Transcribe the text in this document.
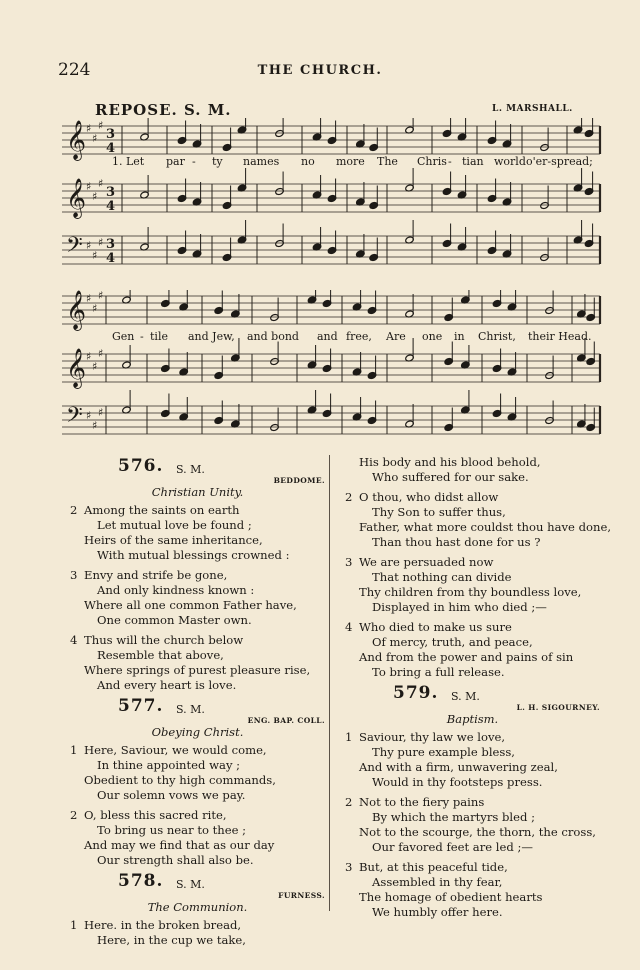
224	THE CHURCH.
REPOSE. S. M.	L. MARSHALL.
𝄞 ♯
♯
♯
3
4
𝄞 ♯
♯
♯
3
4
𝄢 ♯
♯
♯ 3
4
𝄞 ♯
♯
♯
𝄞 ♯
♯
♯
𝄢 ♯
♯
♯
1. Let par - ty names no more The Chris - tian world o'er-spread;
Gen - tile and Jew, and bond and free, Are one in Christ, their Head.
576. S. M.
BEDDOME.
Christian Unity.
2 Among the saints on earth
Let mutual love be found ;
Heirs of the same inheritance,
With mutual blessings crowned :
3 Envy and strife be gone,
And only kindness known :
Where all one common Father have,
One common Master own.
4 Thus will the church below
Resemble that above,
Where springs of purest pleasure rise,
And every heart is love.
577. S. M.
ENG. BAP. COLL.
Obeying Christ.
1 Here, Saviour, we would come,
In thine appointed way ;
Obedient to thy high commands,
Our solemn vows we pay.
2 O, bless this sacred rite,
To bring us near to thee ;
And may we find that as our day
Our strength shall also be.
578. S. M.
FURNESS.
The Communion.
1 Here. in the broken bread,
Here, in the cup we take,
His body and his blood behold,
Who suffered for our sake.
2 O thou, who didst allow
Thy Son to suffer thus,
Father, what more couldst thou have done,
Than thou hast done for us ?
3 We are persuaded now
That nothing can divide
Thy children from thy boundless love,
Displayed in him who died ;—
4 Who died to make us sure
Of mercy, truth, and peace,
And from the power and pains of sin
To bring a full release.
579. S. M.
L. H. SIGOURNEY.
Baptism.
1 Saviour, thy law we love,
Thy pure example bless,
And with a firm, unwavering zeal,
Would in thy footsteps press.
2 Not to the fiery pains
By which the martyrs bled ;
Not to the scourge, the thorn, the cross,
Our favored feet are led ;—
3 But, at this peaceful tide,
Assembled in thy fear,
The homage of obedient hearts
We humbly offer here.
